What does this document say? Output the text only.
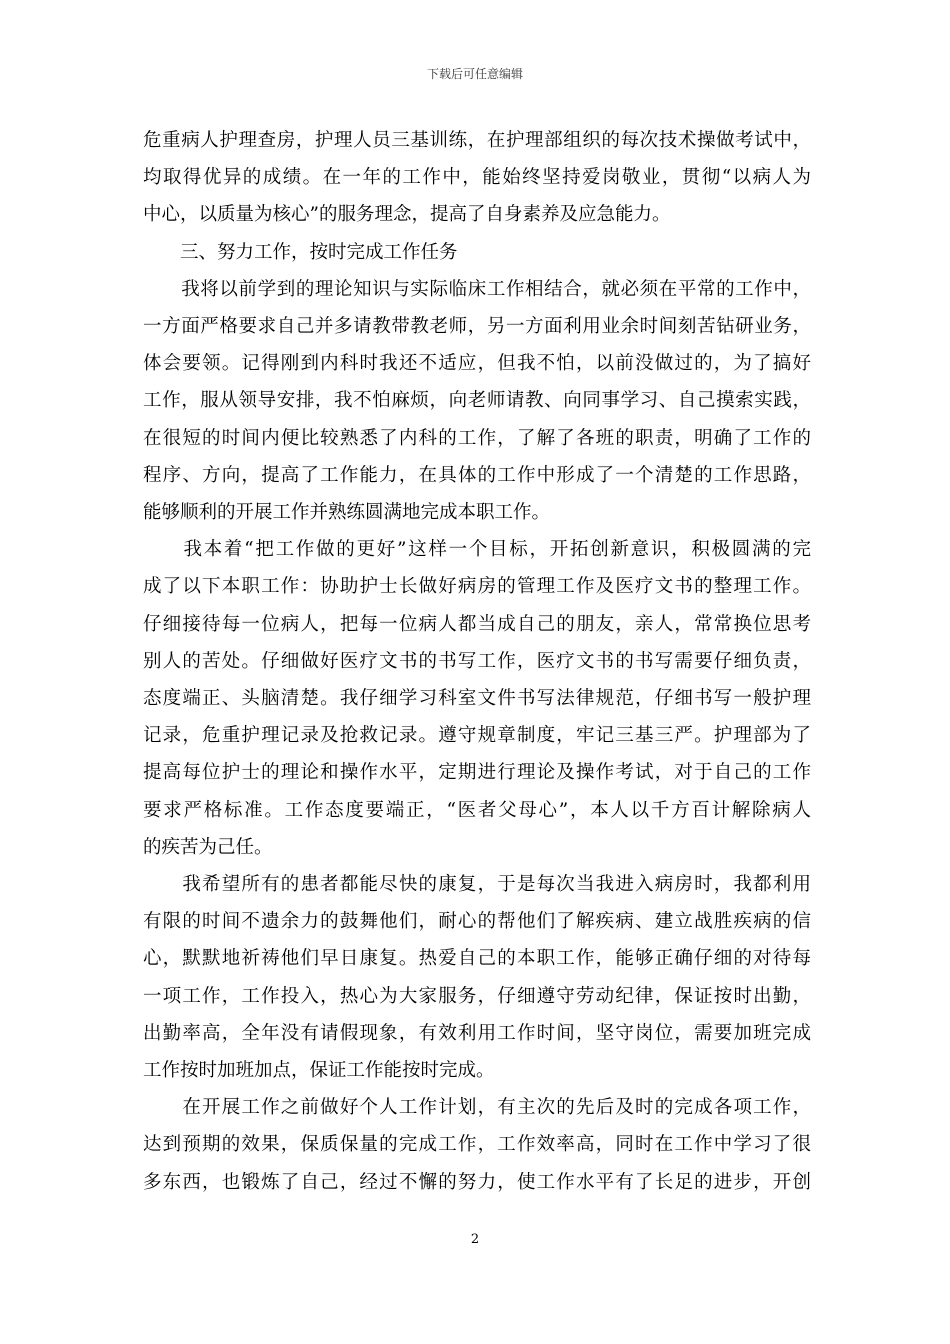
下载后可任意编辑

危重病人护理查房，护理人员三基训练，在护理部组织的每次技术操做考试中，
均取得优异的成绩。在一年的工作中，能始终坚持爱岗敬业，贯彻“以病人为
中心，以质量为核心”的服务理念，提高了自身素养及应急能力。

　　三、努力工作，按时完成工作任务

　　我将以前学到的理论知识与实际临床工作相结合，就必须在平常的工作中，
一方面严格要求自己并多请教带教老师，另一方面利用业余时间刻苦钻研业务，
体会要领。记得刚到内科时我还不适应，但我不怕，以前没做过的，为了搞好
工作，服从领导安排，我不怕麻烦，向老师请教、向同事学习、自己摸索实践，
在很短的时间内便比较熟悉了内科的工作，了解了各班的职责，明确了工作的
程序、方向，提高了工作能力，在具体的工作中形成了一个清楚的工作思路，
能够顺利的开展工作并熟练圆满地完成本职工作。

　　我本着“把工作做的更好”这样一个目标，开拓创新意识，积极圆满的完
成了以下本职工作：协助护士长做好病房的管理工作及医疗文书的整理工作。
仔细接待每一位病人，把每一位病人都当成自己的朋友，亲人，常常换位思考
别人的苦处。仔细做好医疗文书的书写工作，医疗文书的书写需要仔细负责，
态度端正、头脑清楚。我仔细学习科室文件书写法律规范，仔细书写一般护理
记录，危重护理记录及抢救记录。遵守规章制度，牢记三基三严。护理部为了
提高每位护士的理论和操作水平，定期进行理论及操作考试，对于自己的工作
要求严格标准。工作态度要端正，“医者父母心”，本人以千方百计解除病人
的疾苦为己任。

　　我希望所有的患者都能尽快的康复，于是每次当我进入病房时，我都利用
有限的时间不遗余力的鼓舞他们，耐心的帮他们了解疾病、建立战胜疾病的信
心，默默地祈祷他们早日康复。热爱自己的本职工作，能够正确仔细的对待每
一项工作，工作投入，热心为大家服务，仔细遵守劳动纪律，保证按时出勤，
出勤率高，全年没有请假现象，有效利用工作时间，坚守岗位，需要加班完成
工作按时加班加点，保证工作能按时完成。

　　在开展工作之前做好个人工作计划，有主次的先后及时的完成各项工作，
达到预期的效果，保质保量的完成工作，工作效率高，同时在工作中学习了很
多东西，也锻炼了自己，经过不懈的努力，使工作水平有了长足的进步，开创

2
